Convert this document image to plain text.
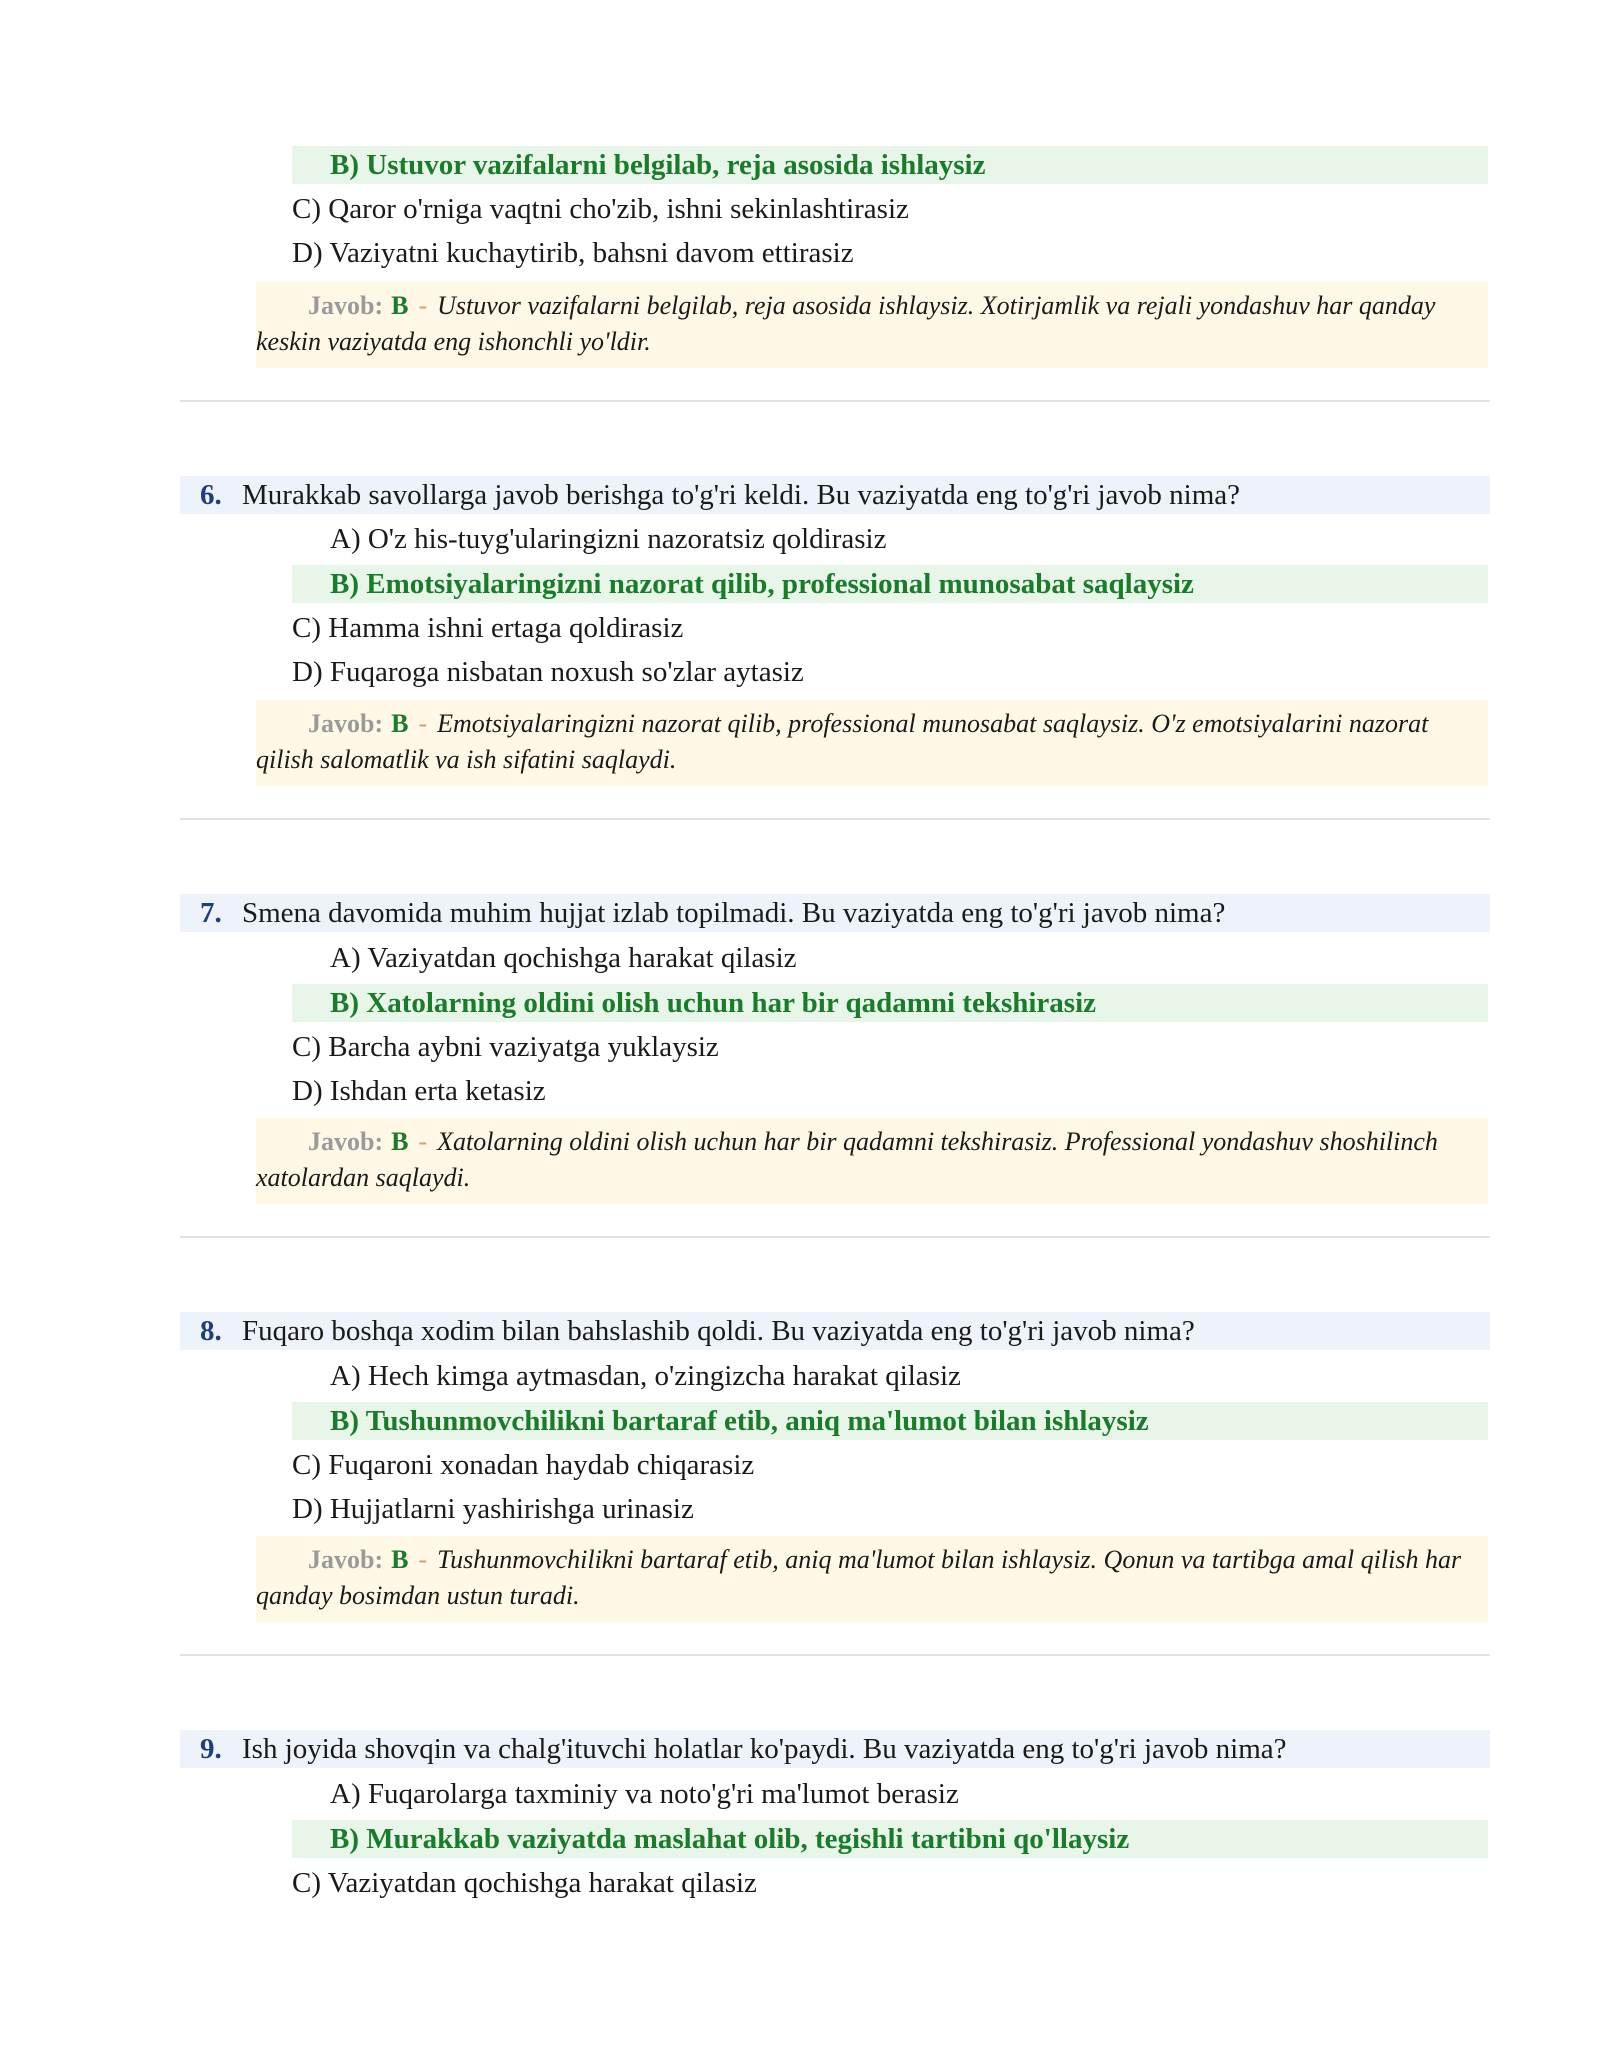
B) Ustuvor vazifalarni belgilab, reja asosida ishlaysiz
C) Qaror o'rniga vaqtni cho'zib, ishni sekinlashtirasiz
D) Vaziyatni kuchaytirib, bahsni davom ettirasiz
Javob: B - Ustuvor vazifalarni belgilab, reja asosida ishlaysiz. Xotirjamlik va rejali yondashuv har qanday keskin vaziyatda eng ishonchli yo'ldir.
6. Murakkab savollarga javob berishga to'g'ri keldi. Bu vaziyatda eng to'g'ri javob nima?
A) O'z his-tuyg'ularingizni nazoratsiz qoldirasiz
B) Emotsiyalaringizni nazorat qilib, professional munosabat saqlaysiz
C) Hamma ishni ertaga qoldirasiz
D) Fuqaroga nisbatan noxush so'zlar aytasiz
Javob: B - Emotsiyalaringizni nazorat qilib, professional munosabat saqlaysiz. O'z emotsiyalarini nazorat qilish salomatlik va ish sifatini saqlaydi.
7. Smena davomida muhim hujjat izlab topilmadi. Bu vaziyatda eng to'g'ri javob nima?
A) Vaziyatdan qochishga harakat qilasiz
B) Xatolarning oldini olish uchun har bir qadamni tekshirasiz
C) Barcha aybni vaziyatga yuklaysiz
D) Ishdan erta ketasiz
Javob: B - Xatolarning oldini olish uchun har bir qadamni tekshirasiz. Professional yondashuv shoshilinch xatolardan saqlaydi.
8. Fuqaro boshqa xodim bilan bahslashib qoldi. Bu vaziyatda eng to'g'ri javob nima?
A) Hech kimga aytmasdan, o'zingizcha harakat qilasiz
B) Tushunmovchilikni bartaraf etib, aniq ma'lumot bilan ishlaysiz
C) Fuqaroni xonadan haydab chiqarasiz
D) Hujjatlarni yashirishga urinasiz
Javob: B - Tushunmovchilikni bartaraf etib, aniq ma'lumot bilan ishlaysiz. Qonun va tartibga amal qilish har qanday bosimdan ustun turadi.
9. Ish joyida shovqin va chalg'ituvchi holatlar ko'paydi. Bu vaziyatda eng to'g'ri javob nima?
A) Fuqarolarga taxminiy va noto'g'ri ma'lumot berasiz
B) Murakkab vaziyatda maslahat olib, tegishli tartibni qo'llaysiz
C) Vaziyatdan qochishga harakat qilasiz
